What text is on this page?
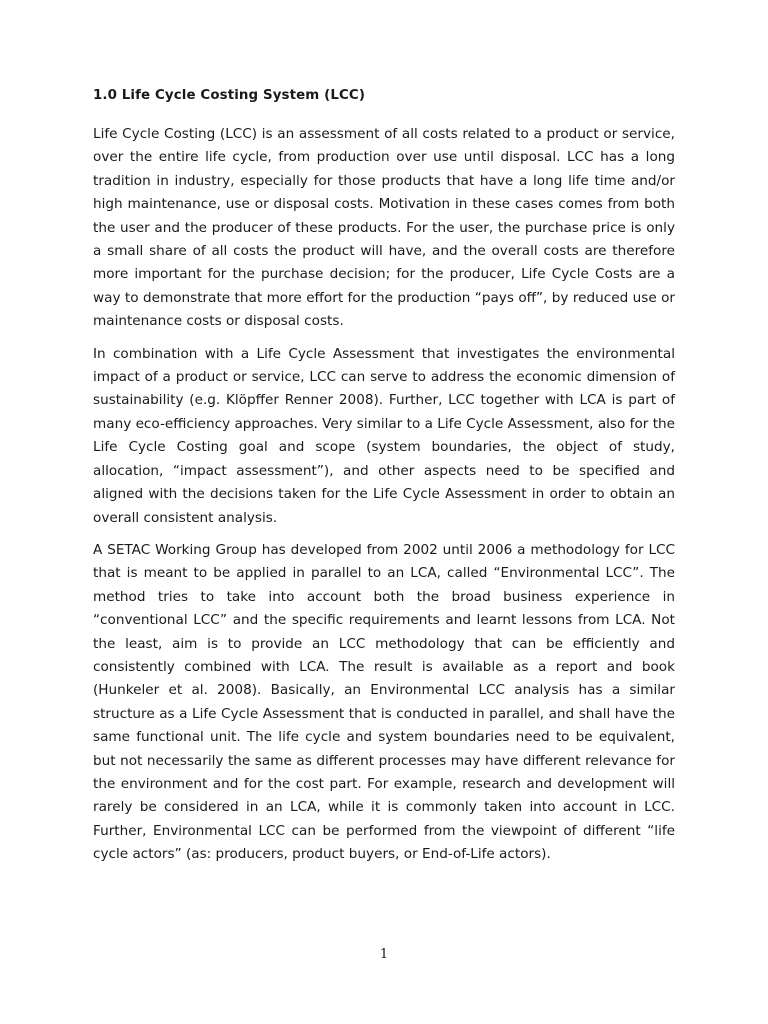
1.0 Life Cycle Costing System (LCC)

Life Cycle Costing (LCC) is an assessment of all costs related to a product or service, over the entire life cycle, from production over use until disposal. LCC has a long tradition in industry, especially for those products that have a long life time and/or high maintenance, use or disposal costs. Motivation in these cases comes from both the user and the producer of these products. For the user, the purchase price is only a small share of all costs the product will have, and the overall costs are therefore more important for the purchase decision; for the producer, Life Cycle Costs are a way to demonstrate that more effort for the production “pays off”, by reduced use or maintenance costs or disposal costs.

In combination with a Life Cycle Assessment that investigates the environmental impact of a product or service, LCC can serve to address the economic dimension of sustainability (e.g. Klöpffer Renner 2008). Further, LCC together with LCA is part of many eco-efficiency approaches. Very similar to a Life Cycle Assessment, also for the Life Cycle Costing goal and scope (system boundaries, the object of study, allocation, “impact assessment”), and other aspects need to be specified and aligned with the decisions taken for the Life Cycle Assessment in order to obtain an overall consistent analysis.

A SETAC Working Group has developed from 2002 until 2006 a methodology for LCC that is meant to be applied in parallel to an LCA, called “Environmental LCC”. The method tries to take into account both the broad business experience in “conventional LCC” and the specific requirements and learnt lessons from LCA. Not the least, aim is to provide an LCC methodology that can be efficiently and consistently combined with LCA. The result is available as a report and book (Hunkeler et al. 2008). Basically, an Environmental LCC analysis has a similar structure as a Life Cycle Assessment that is conducted in parallel, and shall have the same functional unit. The life cycle and system boundaries need to be equivalent, but not necessarily the same as different processes may have different relevance for the environment and for the cost part. For example, research and development will rarely be considered in an LCA, while it is commonly taken into account in LCC. Further, Environmental LCC can be performed from the viewpoint of different “life cycle actors” (as: producers, product buyers, or End-of-Life actors).

1
